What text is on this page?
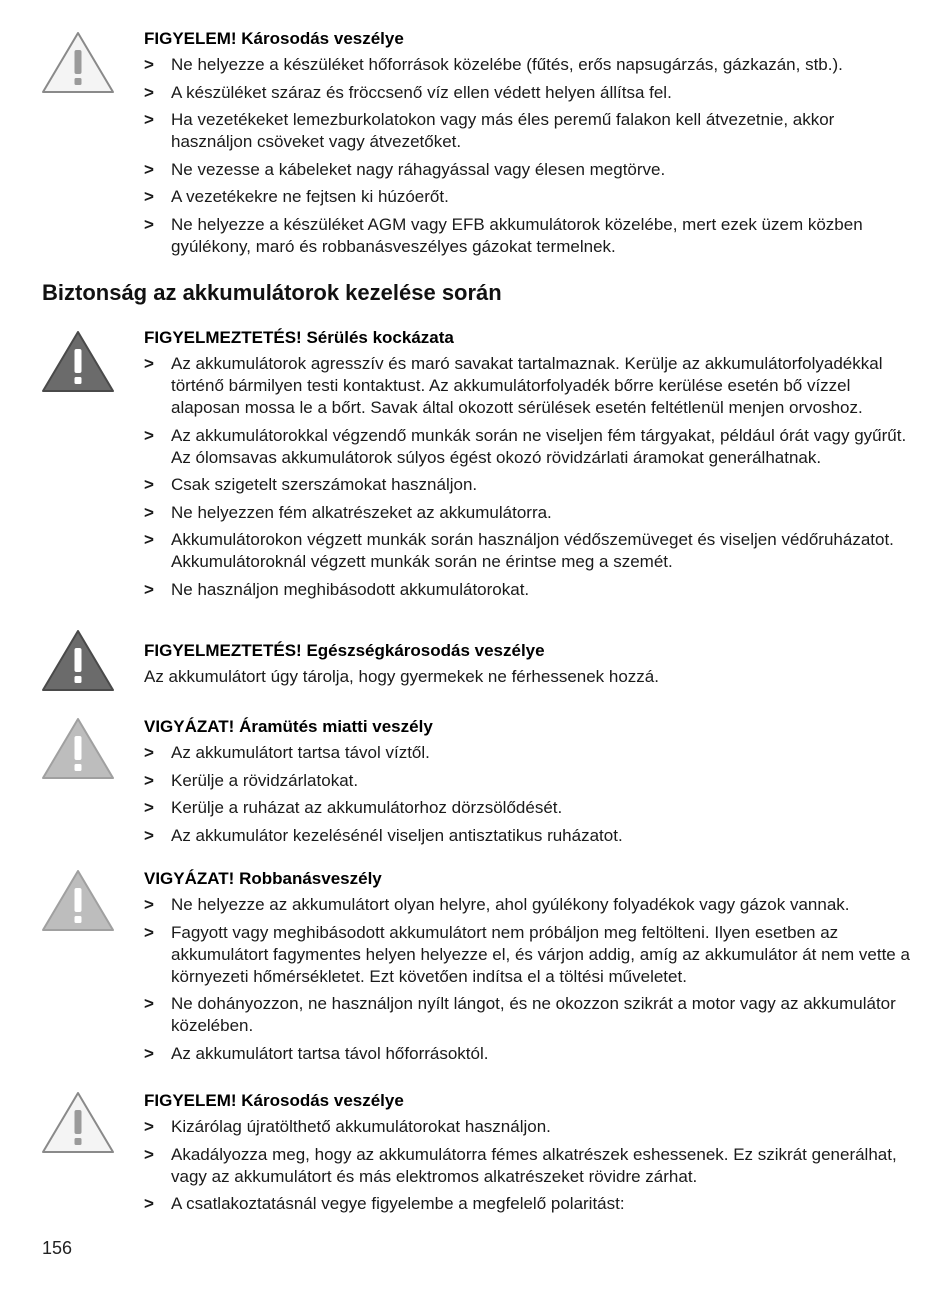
FIGYELEM! Károsodás veszélye
> Ne helyezze a készüléket hőforrások közelébe (fűtés, erős napsugárzás, gázkazán, stb.).
> A készüléket száraz és fröccsenő víz ellen védett helyen állítsa fel.
> Ha vezetékeket lemezburkolatokon vagy más éles peremű falakon kell átvezetnie, akkor használjon csöveket vagy átvezetőket.
> Ne vezesse a kábeleket nagy ráhagyással vagy élesen megtörve.
> A vezetékekre ne fejtsen ki húzóerőt.
> Ne helyezze a készüléket AGM vagy EFB akkumulátorok közelébe, mert ezek üzem közben gyúlékony, maró és robbanásveszélyes gázokat termelnek.
Biztonság az akkumulátorok kezelése során
FIGYELMEZTETÉS! Sérülés kockázata
> Az akkumulátorok agresszív és maró savakat tartalmaznak. Kerülje az akkumulátorfolyadékkal történő bármilyen testi kontaktust. Az akkumulátorfolyadék bőrre kerülése esetén bő vízzel alaposan mossa le a bőrt. Savak által okozott sérülések esetén feltétlenül menjen orvoshoz.
> Az akkumulátorokkal végzendő munkák során ne viseljen fém tárgyakat, például órát vagy gyűrűt. Az ólomsavas akkumulátorok súlyos égést okozó rövidzárlati áramokat generálhatnak.
> Csak szigetelt szerszámokat használjon.
> Ne helyezzen fém alkatrészeket az akkumulátorra.
> Akkumulátorokon végzett munkák során használjon védőszemüveget és viseljen védőruházatot. Akkumulátoroknál végzett munkák során ne érintse meg a szemét.
> Ne használjon meghibásodott akkumulátorokat.
FIGYELMEZTETÉS! Egészségkárosodás veszélye

Az akkumulátort úgy tárolja, hogy gyermekek ne férhessenek hozzá.

VIGYÁZAT! Áramütés miatti veszély
> Az akkumulátort tartsa távol víztől.
> Kerülje a rövidzárlatokat.
> Kerülje a ruházat az akkumulátorhoz dörzsölődését.
> Az akkumulátor kezelésénél viseljen antisztatikus ruházatot.
VIGYÁZAT! Robbanásveszély
> Ne helyezze az akkumulátort olyan helyre, ahol gyúlékony folyadékok vagy gázok vannak.
> Fagyott vagy meghibásodott akkumulátort nem próbáljon meg feltölteni. Ilyen esetben az akkumulátort fagymentes helyen helyezze el, és várjon addig, amíg az akkumulátor át nem vette a környezeti hőmérsékletet. Ezt követően indítsa el a töltési műveletet.
> Ne dohányozzon, ne használjon nyílt lángot, és ne okozzon szikrát a motor vagy az akkumulátor közelében.
> Az akkumulátort tartsa távol hőforrásoktól.
FIGYELEM! Károsodás veszélye
> Kizárólag újratölthető akkumulátorokat használjon.
> Akadályozza meg, hogy az akkumulátorra fémes alkatrészek eshessenek. Ez szikrát generálhat, vagy az akkumulátort és más elektromos alkatrészeket rövidre zárhat.
> A csatlakoztatásnál vegye figyelembe a megfelelő polaritást:
156
